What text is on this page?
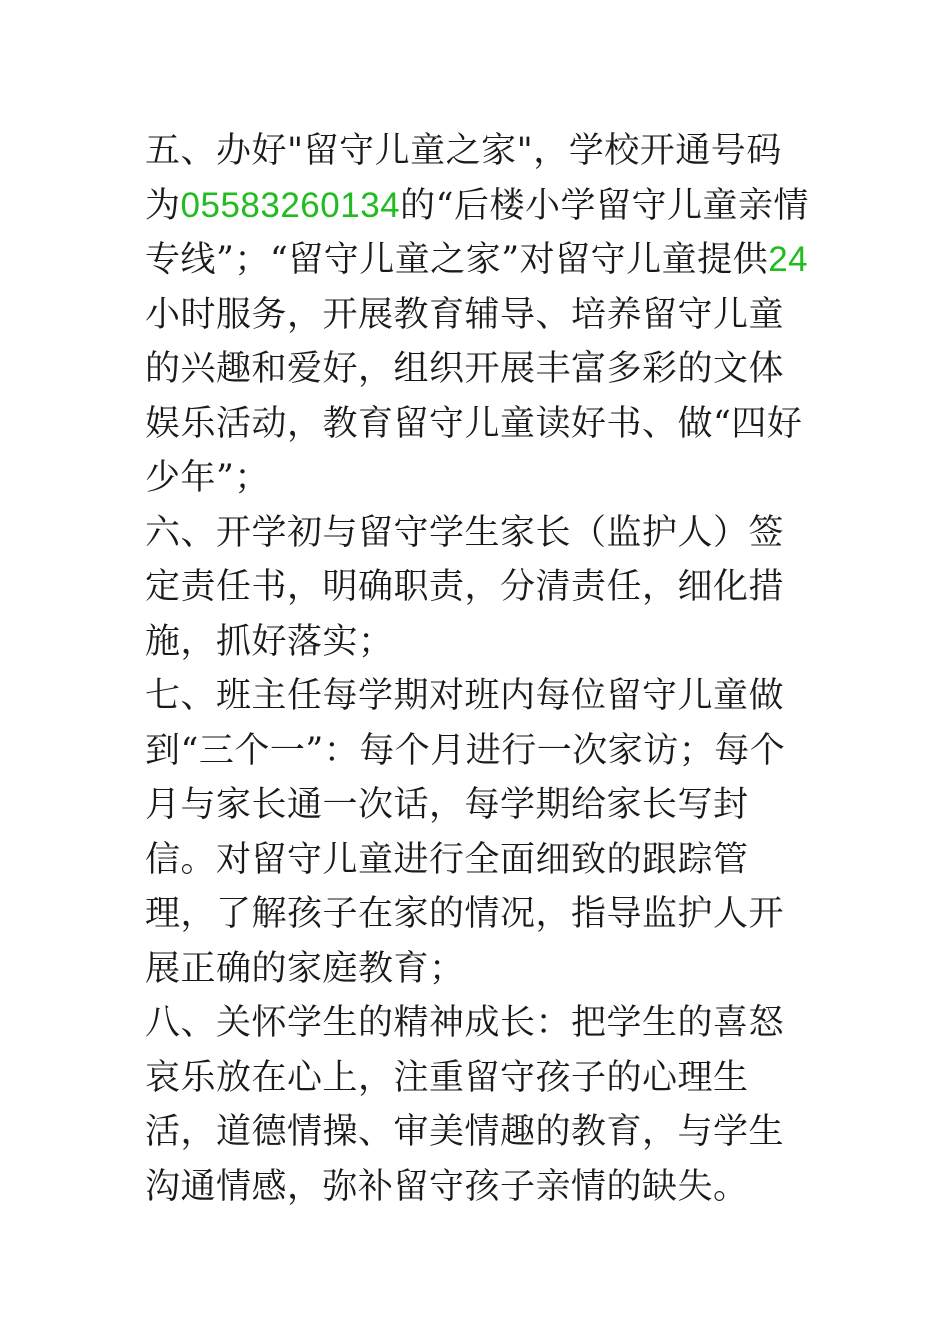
五、办好"留守儿童之家"，学校开通号码为05583260134的“后楼小学留守儿童亲情专线”；“留守儿童之家”对留守儿童提供24小时服务，开展教育辅导、培养留守儿童的兴趣和爱好，组织开展丰富多彩的文体娱乐活动，教育留守儿童读好书、做“四好少年”；

六、开学初与留守学生家长（监护人）签定责任书，明确职责，分清责任，细化措施，抓好落实；

七、班主任每学期对班内每位留守儿童做到“三个一”：每个月进行一次家访；每个月与家长通一次话，每学期给家长写封信。对留守儿童进行全面细致的跟踪管理，了解孩子在家的情况，指导监护人开展正确的家庭教育；

八、关怀学生的精神成长：把学生的喜怒哀乐放在心上，注重留守孩子的心理生活，道德情操、审美情趣的教育，与学生沟通情感，弥补留守孩子亲情的缺失。
